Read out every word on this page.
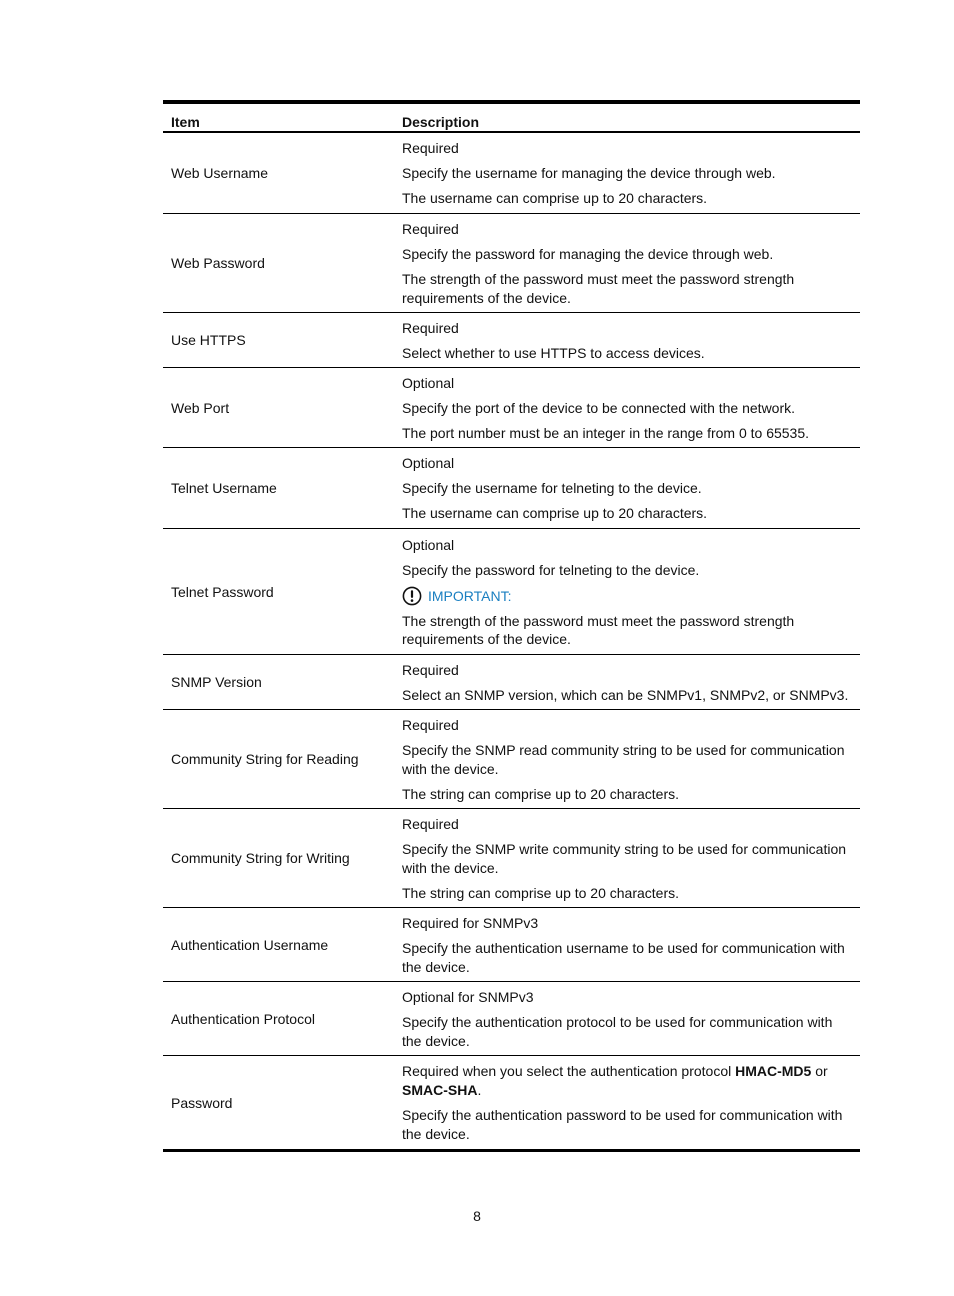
Item	Description
Web Username	Required

Specify the username for managing the device through web.

The username can comprise up to 20 characters.

Web Password	Required

Specify the password for managing the device through web.

The strength of the password must meet the password strength requirements of the device.

Use HTTPS	Required

Select whether to use HTTPS to access devices.

Web Port	Optional

Specify the port of the device to be connected with the network.

The port number must be an integer in the range from 0 to 65535.

Telnet Username	Optional

Specify the username for telneting to the device.

The username can comprise up to 20 characters.

Telnet Password	Optional

Specify the password for telneting to the device.

IMPORTANT:

The strength of the password must meet the password strength requirements of the device.

SNMP Version	Required

Select an SNMP version, which can be SNMPv1, SNMPv2, or SNMPv3.

Community String for Reading	Required

Specify the SNMP read community string to be used for communication with the device.

The string can comprise up to 20 characters.

Community String for Writing	Required

Specify the SNMP write community string to be used for communication with the device.

The string can comprise up to 20 characters.

Authentication Username	Required for SNMPv3

Specify the authentication username to be used for communication with the device.

Authentication Protocol	Optional for SNMPv3

Specify the authentication protocol to be used for communication with the device.

Password	Required when you select the authentication protocol HMAC-MD5 or SMAC-SHA.

Specify the authentication password to be used for communication with the device.

8
